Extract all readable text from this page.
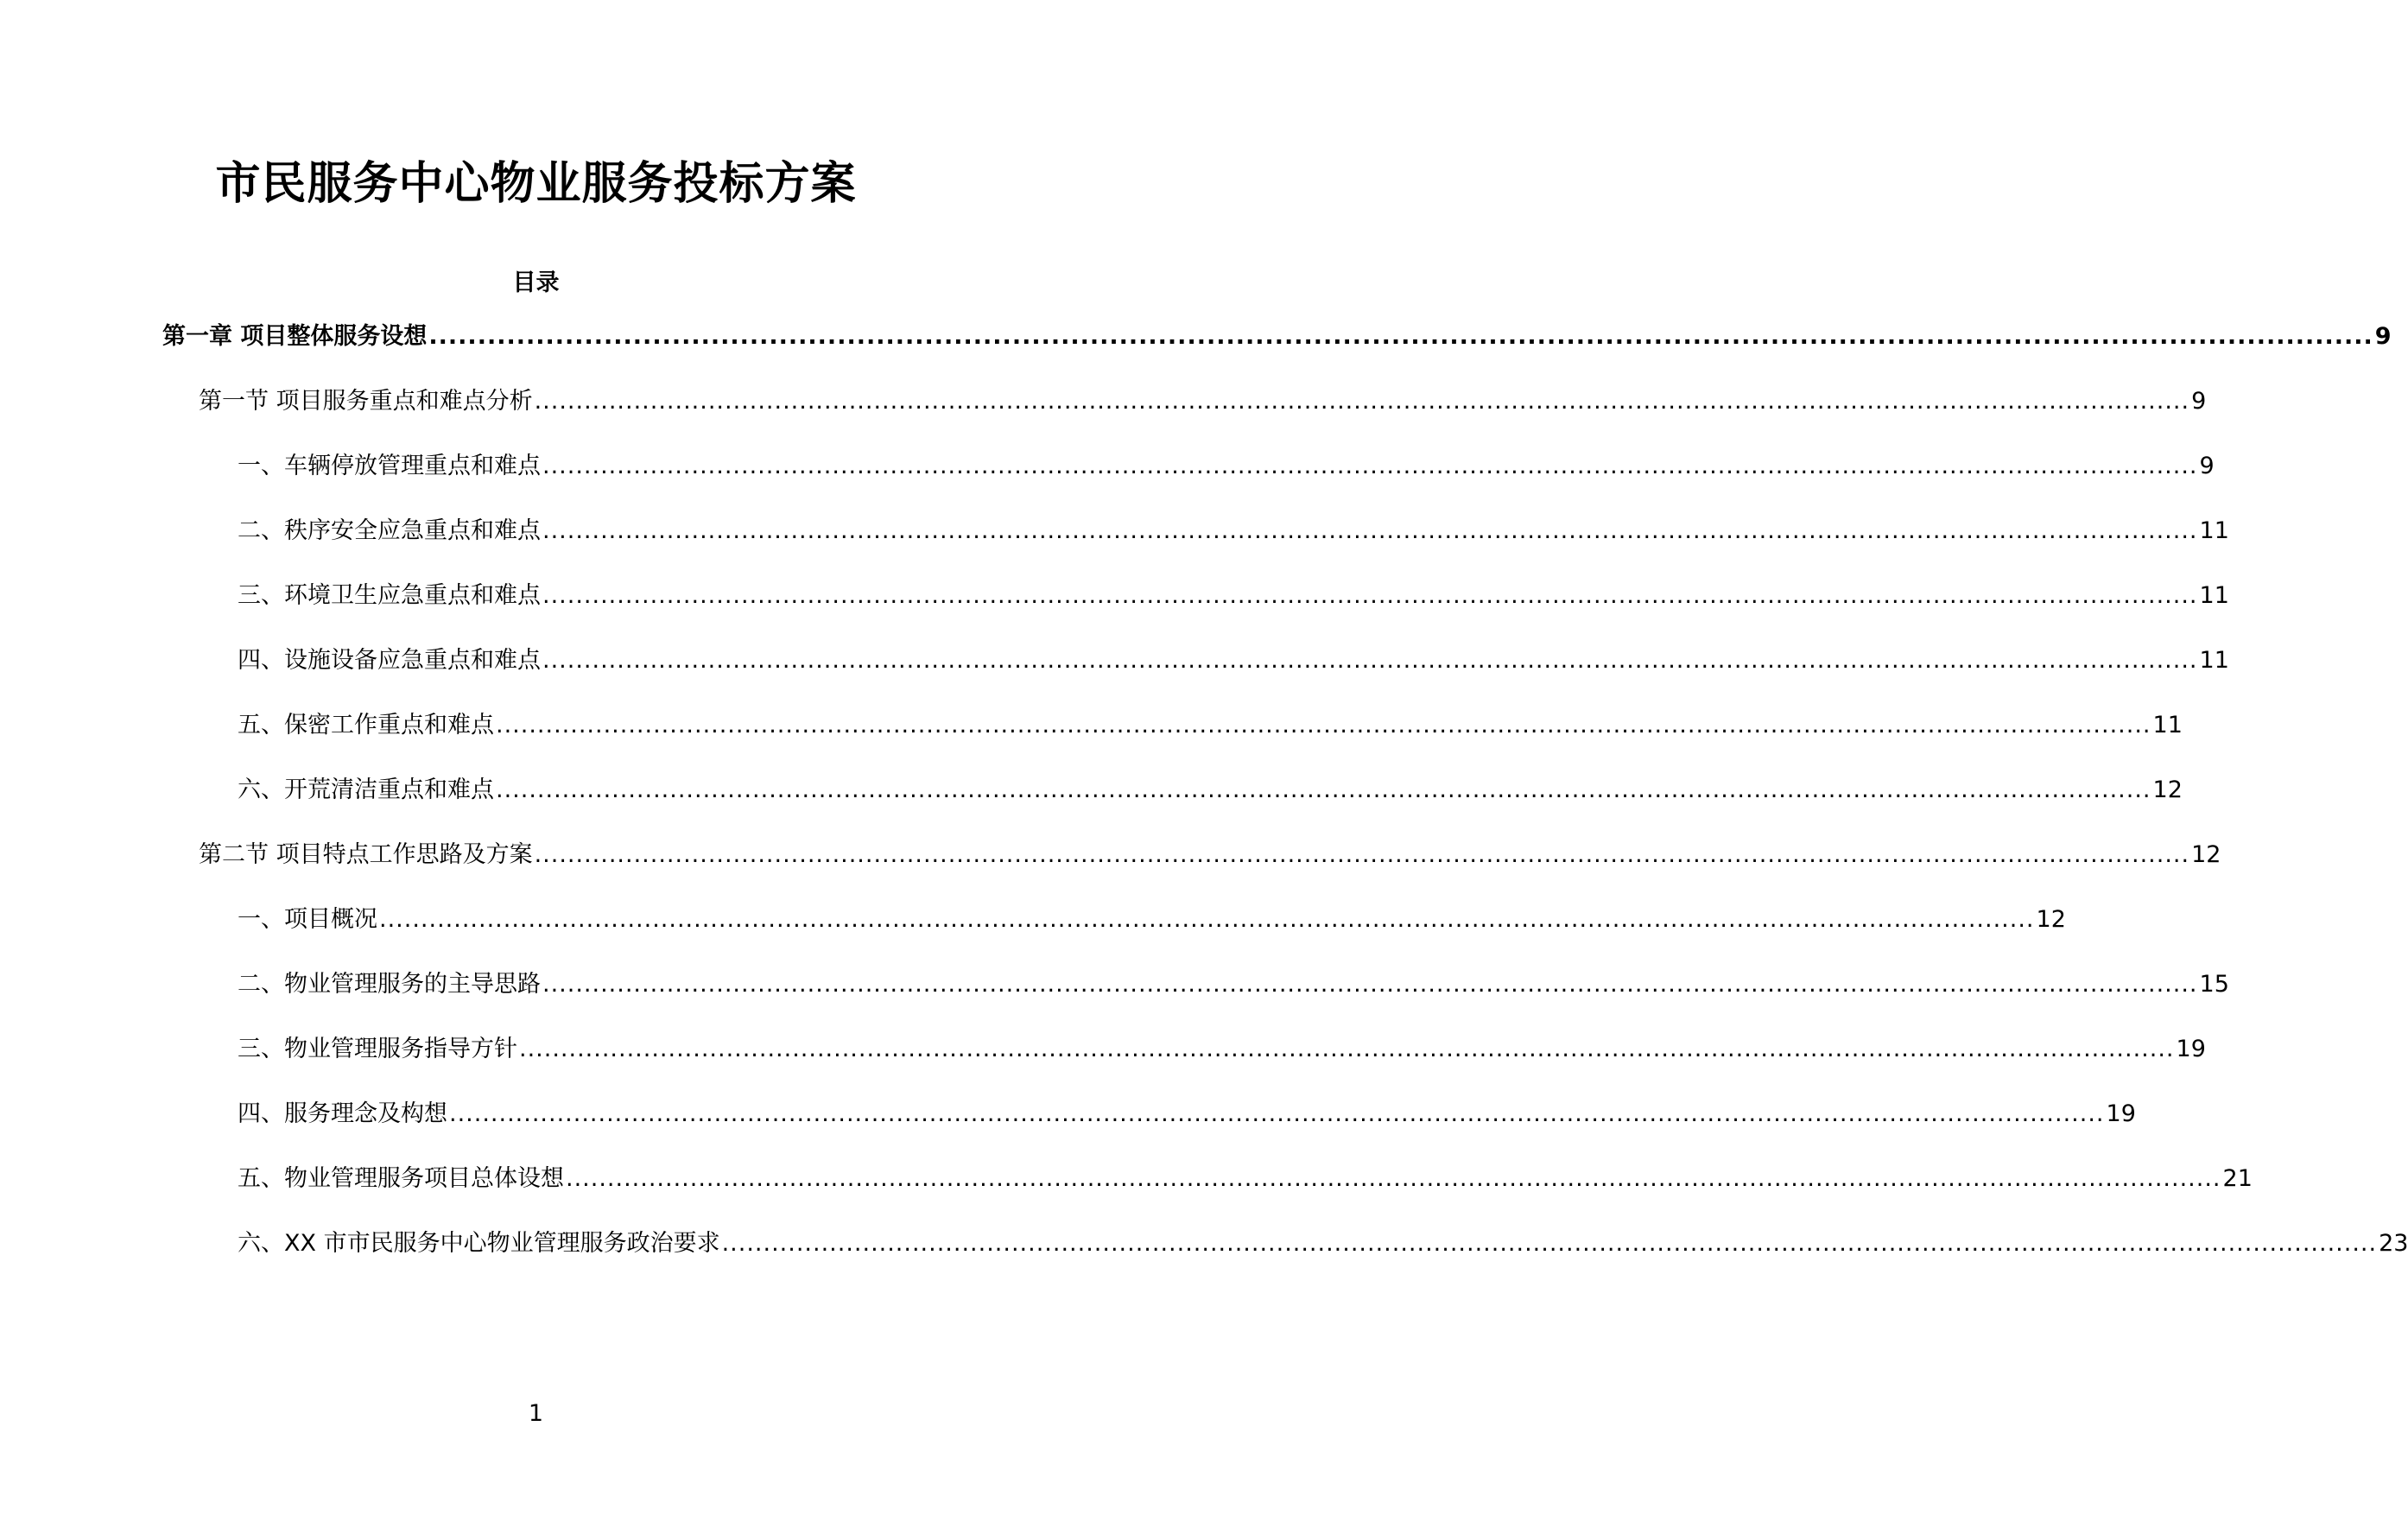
市民服务中心物业服务投标方案
目录
第一章 项目整体服务设想 ........................................................................................................................................................................................................ 9
第一节 项目服务重点和难点分析 ........................................................................................................................................................................................................ 9
一、车辆停放管理重点和难点 ........................................................................................................................................................................................................ 9
二、秩序安全应急重点和难点 ........................................................................................................................................................................................................ 11
三、环境卫生应急重点和难点 ........................................................................................................................................................................................................ 11
四、设施设备应急重点和难点 ........................................................................................................................................................................................................ 11
五、保密工作重点和难点 ........................................................................................................................................................................................................ 11
六、开荒清洁重点和难点 ........................................................................................................................................................................................................ 12
第二节 项目特点工作思路及方案 ........................................................................................................................................................................................................ 12
一、项目概况 ........................................................................................................................................................................................................ 12
二、物业管理服务的主导思路 ........................................................................................................................................................................................................ 15
三、物业管理服务指导方针 ........................................................................................................................................................................................................ 19
四、服务理念及构想 ........................................................................................................................................................................................................ 19
五、物业管理服务项目总体设想 ........................................................................................................................................................................................................ 21
六、XX 市市民服务中心物业管理服务政治要求 ........................................................................................................................................................................................................ 23
1
